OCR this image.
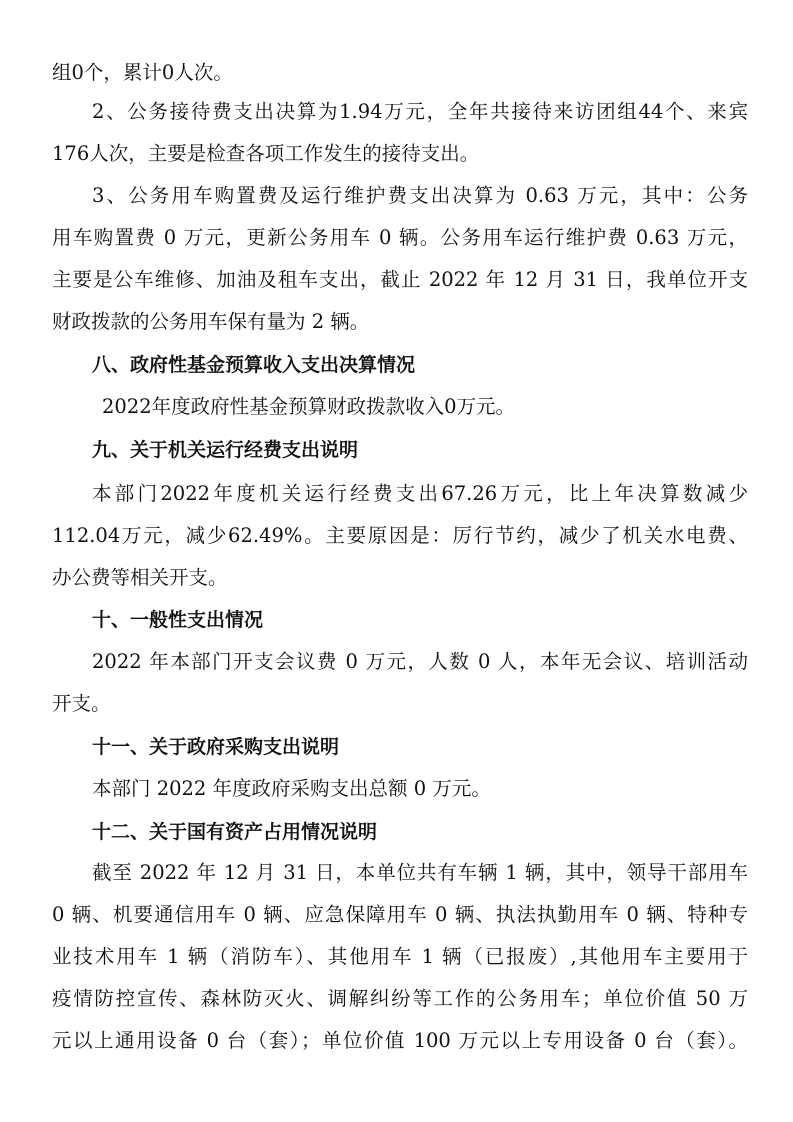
组0个，累计0人次。
2、公务接待费支出决算为1.94万元，全年共接待来访团组44个、来宾
176人次，主要是检查各项工作发生的接待支出。
3、公务用车购置费及运行维护费支出决算为 0.63 万元，其中：公务
用车购置费 0 万元，更新公务用车 0 辆。公务用车运行维护费 0.63 万元，
主要是公车维修、加油及租车支出，截止 2022 年 12 月 31 日，我单位开支
财政拨款的公务用车保有量为 2 辆。
八、政府性基金预算收入支出决算情况
2022年度政府性基金预算财政拨款收入0万元。
九、关于机关运行经费支出说明
本部门2022年度机关运行经费支出67.26万元，比上年决算数减少
112.04万元，减少62.49%。主要原因是：厉行节约，减少了机关水电费、
办公费等相关开支。
十、一般性支出情况
2022 年本部门开支会议费 0 万元，人数 0 人，本年无会议、培训活动
开支。
十一、关于政府采购支出说明
本部门 2022 年度政府采购支出总额 0 万元。
十二、关于国有资产占用情况说明
截至 2022 年 12 月 31 日，本单位共有车辆 1 辆，其中，领导干部用车
0 辆、机要通信用车 0 辆、应急保障用车 0 辆、执法执勤用车 0 辆、特种专
业技术用车 1 辆（消防车）、其他用车 1 辆（已报废）,其他用车主要用于
疫情防控宣传、森林防灭火、调解纠纷等工作的公务用车；单位价值 50 万
元以上通用设备 0 台（套）；单位价值 100 万元以上专用设备 0 台（套）。
